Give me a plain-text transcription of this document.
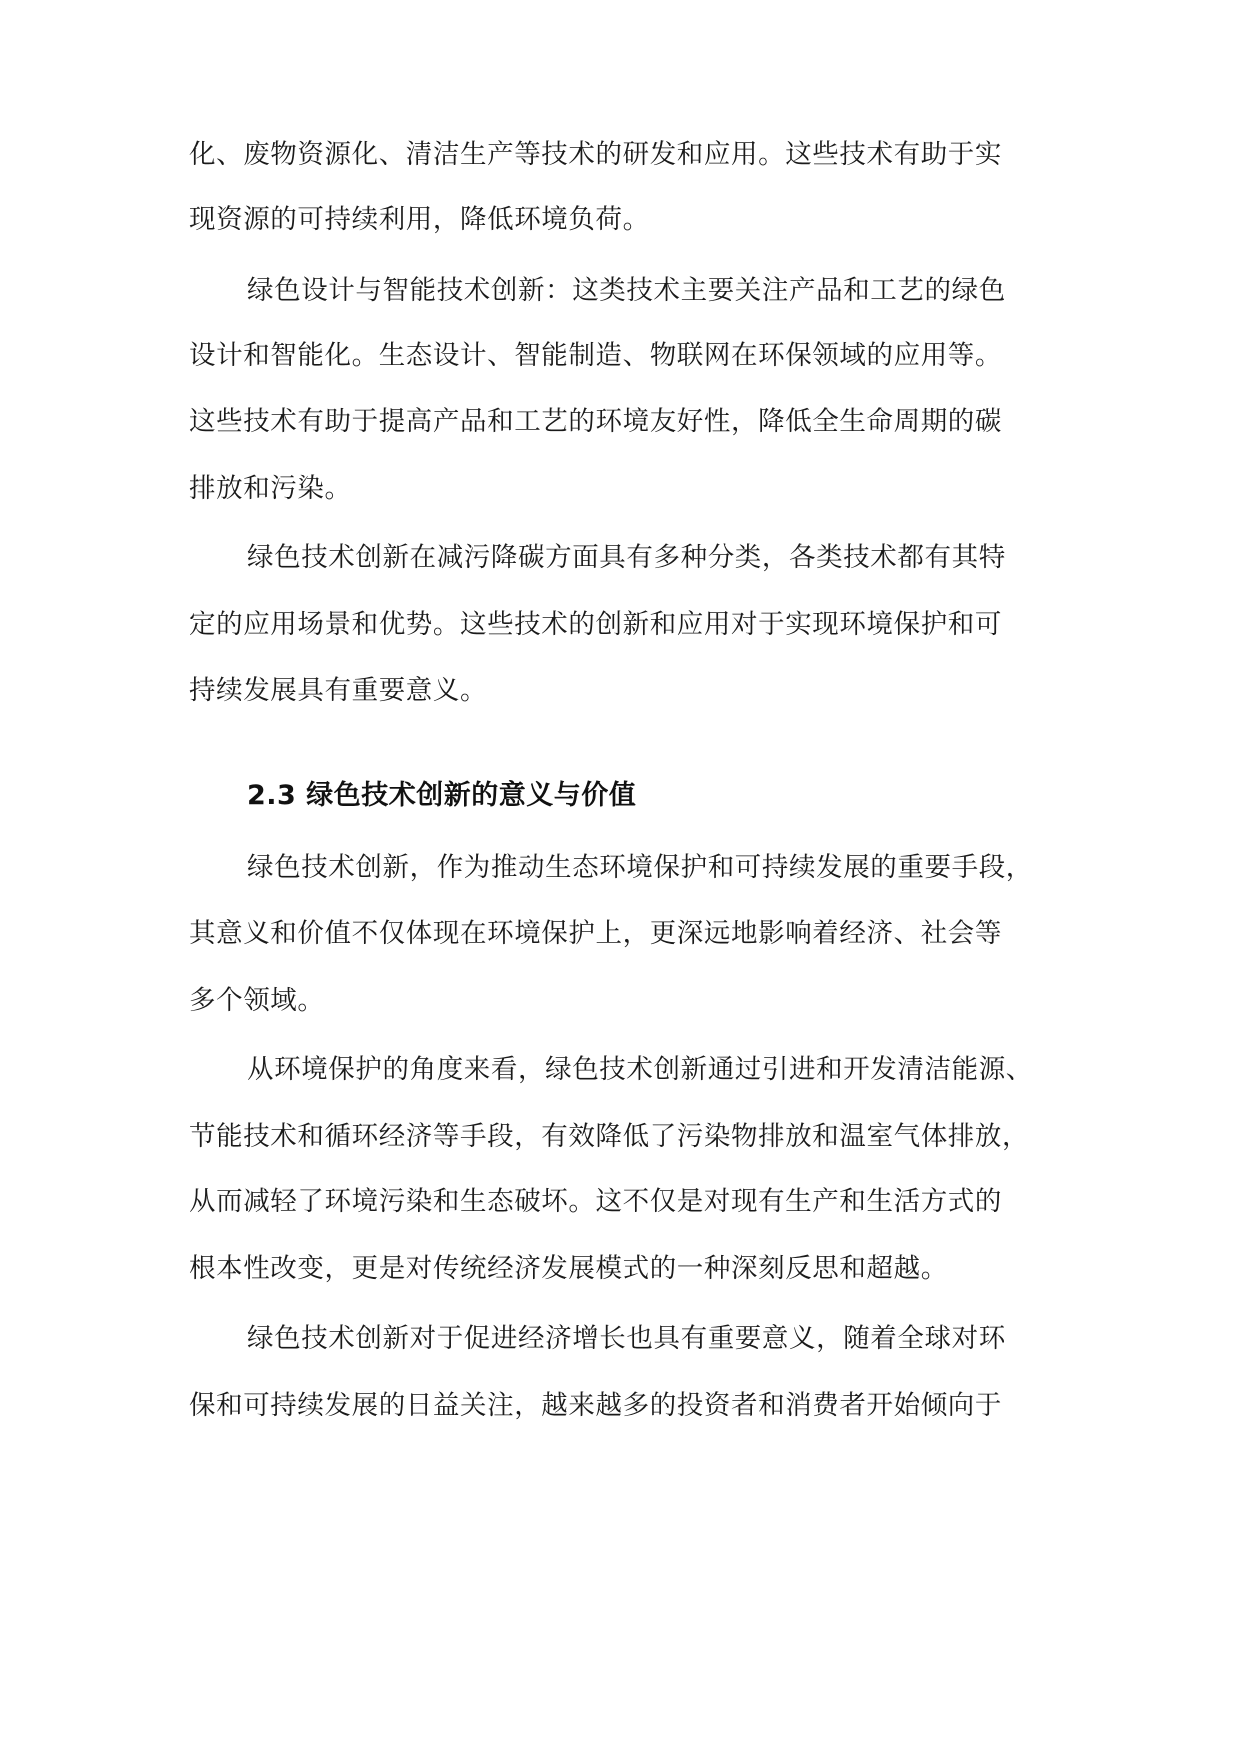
化、废物资源化、清洁生产等技术的研发和应用。这些技术有助于实
现资源的可持续利用，降低环境负荷。
绿色设计与智能技术创新：这类技术主要关注产品和工艺的绿色
设计和智能化。生态设计、智能制造、物联网在环保领域的应用等。
这些技术有助于提高产品和工艺的环境友好性，降低全生命周期的碳
排放和污染。
绿色技术创新在减污降碳方面具有多种分类，各类技术都有其特
定的应用场景和优势。这些技术的创新和应用对于实现环境保护和可
持续发展具有重要意义。
2.3 绿色技术创新的意义与价值
绿色技术创新，作为推动生态环境保护和可持续发展的重要手段，
其意义和价值不仅体现在环境保护上，更深远地影响着经济、社会等
多个领域。
从环境保护的角度来看，绿色技术创新通过引进和开发清洁能源、
节能技术和循环经济等手段，有效降低了污染物排放和温室气体排放，
从而减轻了环境污染和生态破坏。这不仅是对现有生产和生活方式的
根本性改变，更是对传统经济发展模式的一种深刻反思和超越。
绿色技术创新对于促进经济增长也具有重要意义，随着全球对环
保和可持续发展的日益关注，越来越多的投资者和消费者开始倾向于
